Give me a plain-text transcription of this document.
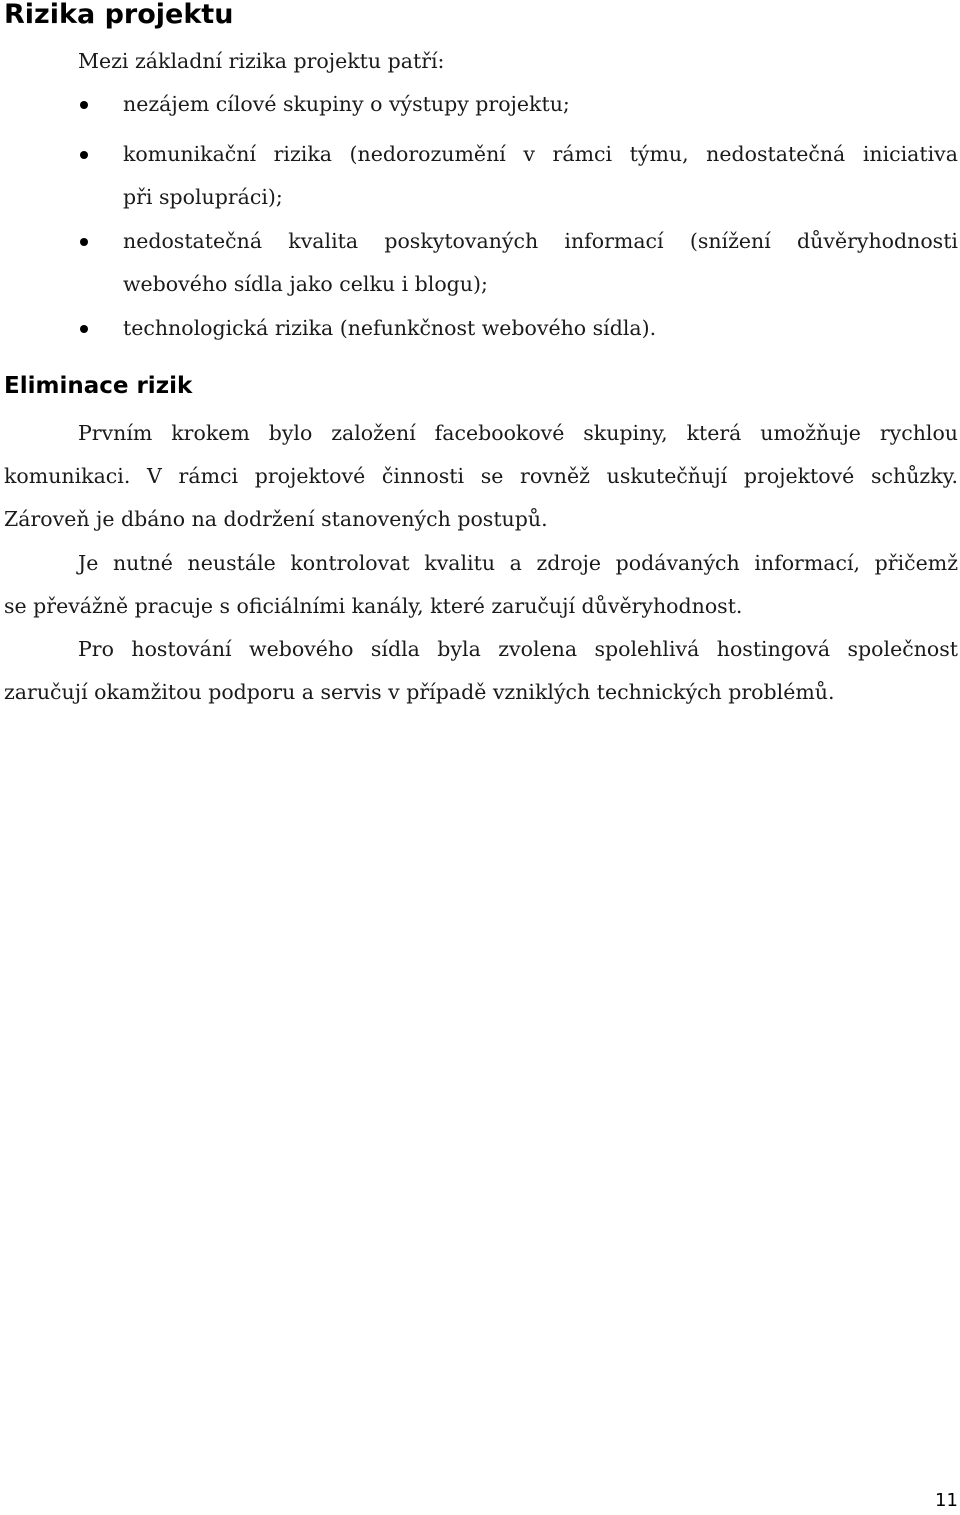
Rizika projektu

Mezi základní rizika projektu patří:

nezájem cílové skupiny o výstupy projektu;
komunikační rizika (nedorozumění v rámci týmu, nedostatečná iniciativa
při spolupráci);
nedostatečná kvalita poskytovaných informací (snížení důvěryhodnosti
webového sídla jako celku i blogu);
technologická rizika (nefunkčnost webového sídla).
Eliminace rizik
Prvním krokem bylo založení facebookové skupiny, která umožňuje rychlou
komunikaci. V rámci projektové činnosti se rovněž uskutečňují projektové schůzky.
Zároveň je dbáno na dodržení stanovených postupů.
Je nutné neustále kontrolovat kvalitu a zdroje podávaných informací, přičemž
se převážně pracuje s oficiálními kanály, které zaručují důvěryhodnost.
Pro hostování webového sídla byla zvolena spolehlivá hostingová společnost
zaručují okamžitou podporu a servis v případě vzniklých technických problémů.
11
